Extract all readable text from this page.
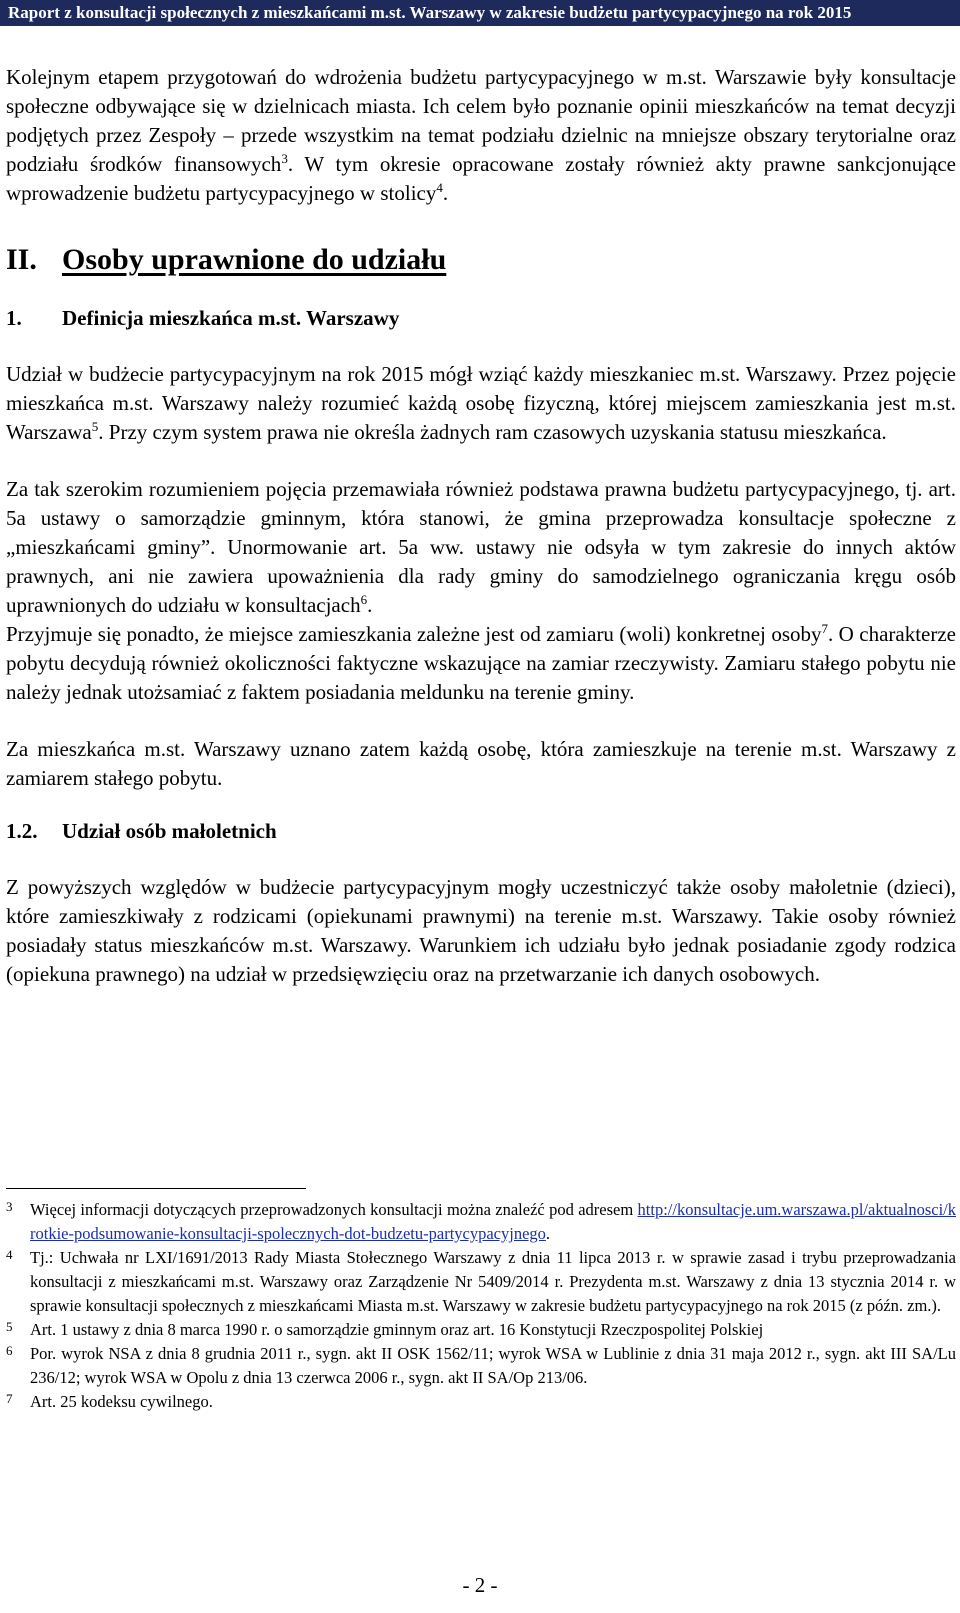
Raport z konsultacji społecznych z mieszkańcami m.st. Warszawy w zakresie budżetu partycypacyjnego na rok 2015

Kolejnym etapem przygotowań do wdrożenia budżetu partycypacyjnego w m.st. Warszawie były konsultacje społeczne odbywające się w dzielnicach miasta. Ich celem było poznanie opinii mieszkańców na temat decyzji podjętych przez Zespoły – przede wszystkim na temat podziału dzielnic na mniejsze obszary terytorialne oraz podziału środków finansowych$^3$. W tym okresie opracowane zostały również akty prawne sankcjonujące wprowadzenie budżetu partycypacyjnego w stolicy$^4$.

II. Osoby uprawnione do udziału
1.	Definicja mieszkańca m.st. Warszawy

Udział w budżecie partycypacyjnym na rok 2015 mógł wziąć każdy mieszkaniec m.st. Warszawy. Przez pojęcie mieszkańca m.st. Warszawy należy rozumieć każdą osobę fizyczną, której miejscem zamieszkania jest m.st. Warszawa$^5$. Przy czym system prawa nie określa żadnych ram czasowych uzyskania statusu mieszkańca.

Za tak szerokim rozumieniem pojęcia przemawiała również podstawa prawna budżetu partycypacyjnego, tj. art. 5a ustawy o samorządzie gminnym, która stanowi, że gmina przeprowadza konsultacje społeczne z „mieszkańcami gminy”. Unormowanie art. 5a ww. ustawy nie odsyła w tym zakresie do innych aktów prawnych, ani nie zawiera upoważnienia dla rady gminy do samodzielnego ograniczania kręgu osób uprawnionych do udziału w konsultacjach$^6$.

Przyjmuje się ponadto, że miejsce zamieszkania zależne jest od zamiaru (woli) konkretnej osoby$^7$. O charakterze pobytu decydują również okoliczności faktyczne wskazujące na zamiar rzeczywisty. Zamiaru stałego pobytu nie należy jednak utożsamiać z faktem posiadania meldunku na terenie gminy.

Za mieszkańca m.st. Warszawy uznano zatem każdą osobę, która zamieszkuje na terenie m.st. Warszawy z zamiarem stałego pobytu.

1.2.	Udział osób małoletnich

Z powyższych względów w budżecie partycypacyjnym mogły uczestniczyć także osoby małoletnie (dzieci), które zamieszkiwały z rodzicami (opiekunami prawnymi) na terenie m.st. Warszawy. Takie osoby również posiadały status mieszkańców m.st. Warszawy. Warunkiem ich udziału było jednak posiadanie zgody rodzica (opiekuna prawnego) na udział w przedsięwzięciu oraz na przetwarzanie ich danych osobowych.

3	Więcej informacji dotyczących przeprowadzonych konsultacji można znaleźć pod adresem http://konsultacje.um.warszawa.pl/aktualnosci/krotkie-podsumowanie-konsultacji-spolecznych-dot-budzetu-partycypacyjnego.
4	Tj.: Uchwała nr LXI/1691/2013 Rady Miasta Stołecznego Warszawy z dnia 11 lipca 2013 r. w sprawie zasad i trybu przeprowadzania konsultacji z mieszkańcami m.st. Warszawy oraz Zarządzenie Nr 5409/2014 r. Prezydenta m.st. Warszawy z dnia 13 stycznia 2014 r. w sprawie konsultacji społecznych z mieszkańcami Miasta m.st. Warszawy w zakresie budżetu partycypacyjnego na rok 2015 (z późn. zm.).
5	Art. 1 ustawy z dnia 8 marca 1990 r. o samorządzie gminnym oraz art. 16 Konstytucji Rzeczpospolitej Polskiej
6	Por. wyrok NSA z dnia 8 grudnia 2011 r., sygn. akt II OSK 1562/11; wyrok WSA w Lublinie z dnia 31 maja 2012 r., sygn. akt III SA/Lu 236/12; wyrok WSA w Opolu z dnia 13 czerwca 2006 r., sygn. akt II SA/Op 213/06.
7	Art. 25 kodeksu cywilnego.
- 2 -
